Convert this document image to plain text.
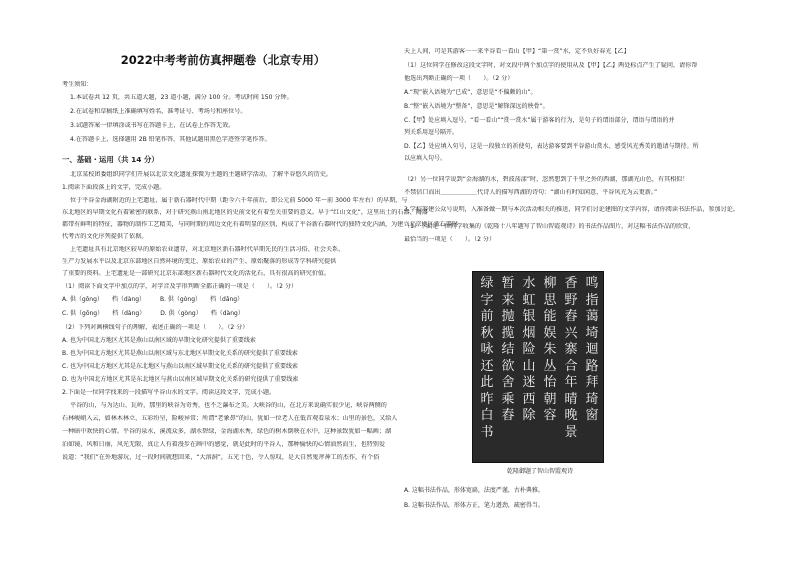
2022中考考前仿真押题卷（北京专用）
考生须知：
1.本试卷共 12 页，共五道大题，23 道小题，满分 100 分。考试时间 150 分钟。
2.在试卷和草稿纸上准确填写姓名、准考证号、考场号和座位号。
3.试题答案一律填涂或书写在答题卡上，在试卷上作答无效。
4.在答题卡上，选择题用 2B 铅笔作答，其他试题用黑色字迹签字笔作答。
一、基础・运用（共 14 分）
北京某校团委组织同学们开展以北京文化遗址探微为主题的主题研学活动，了解平谷悠久的历史。
1.阅读下面段落上的文字，完成小题。
位于平谷金海湖附近的上宅遗址，属于新石器时代中期（距今六千年前后，即公元前 5000 年～前 3000 年左右）的早期，与
东北地区的早期文化有着紧密的联系，对于研究燕山南北地区的史前文化有着至关重要的意义。早于“红山文化”，这里出土的石器、陶器
都带有鲜明的特征，器物的制作工艺精美，与同时期的周边文化有着明显的区别，构成了平谷新石器时代的独特文化内涵，为建立北京地区新石器时
代考古的文化序列提供了依据。
上宅遗址具有北京地区较早的原始农业遗存，对北京地区新石器时代早期先民的生活习俗、社会关系、
生产力发展水平以及北京东部地区自然环境的变迁、原始农业的产生、原始聚落的形成等学科研究提供
了重要的资料。上宅遗址是一部研究北京东部地区新石器时代文化的活化石，具有很高的研究价值。
（1）阅读下面文字中加点的字，对字音及字形判断全都正确的一项是（　　）。（2 分）
A. 供（gōng）　　档（dàng）　　　B. 供（gòng）　　档（dǎng）
C. 供（gōng）　　档（dàng）　　　D. 供（gòng）　　档（dàng）
（2）下列对画横线句子的理解，表述正确的一项是（　　）。（2 分）
A. 也为中国北方地区尤其是燕山以南区域的早期文化研究提供了重要线索
B. 也为中国北方地区尤其是燕山以南区域与东北地区早期文化关系的研究提供了重要线索
C. 也为中国北方地区尤其是东北地区与燕山以南区域早期文化关系的研究提供了重要线索
D. 也为中国北方地区尤其是东北地区与燕山以南区域早期文化关系的研究提供了重要线索
2.下面是一位同学找来的一段描写平谷山水的文字。阅读这段文字，完成小题。
平谷的山，与为达山、瓦岭，那里的峡谷为奇秀，也不乏瀑布之美。大峡谷的山，在北方来说确实很少见，峡谷两侧的
石林峻峭入云，如林木林立，五彩纷呈，险峻异常；所谓“老象鼻”的山，犹如一位老人在低首观看泉水；山里的景色，又给人
一种暗中欢快的心情。平谷的泉水，溪流众多，湖水碧绿，金海湖水秀，绿色的树木倒映在水中，这种景致犹如一幅画；湖
泊如镜，风和日丽，风光无限，真让人有着漫步在画中的感觉，就是此时的平谷人，那种愉快的心情油然而生，也特别爱
说道：“我们”在外地游玩，过一段时间就想回来，“大溶洞”，五光十色，令人惊叹，是大自然鬼斧神工的杰作，有个俗
天上人间，可是其游客一一来平谷看一看山【甲】“第一赏”水，定不负好春光【乙】
（1）这位同学在修改这段文字时，对文段中两个加点字的使用从及【甲】【乙】两处标点产生了疑问，请你帮
他选出判断正确的一项（　　）。（2 分）
A.“现”嵌入语境为“已成”，意思是“不偏颇的山”。
B.“整”嵌入语境为“整备”，意思是“解锋深远的秧骨”。
C.【甲】处应填入逗号，“看一看山”“赏一赏水”属于游客的行为，是句子的谓语部分，谓语与谓语的并
列关系用逗号隔开。
D.【乙】处应填入句号，这是一段独立的祈使句，表达游客要到平谷游山赏水、感受风光秀美的邀请与期待。所
以应填入句号。
（2）另一位同学说到“金海湖的水，碧波荡漾”时，忽然想到了千里之外的西湖，那湖光山色，有其相似！
不禁信口而出＿＿＿＿＿＿代诗人的描写西湖的诗句：“湖山有时知闲意，平谷风光为云更新。”
3.学校筹建公众号说明，入准备做一期与本次活动相关的推送，同学们讨论建图的文字内容，请你阅读书法作品，参加讨论。
（1）下面是一位同学收集的《乾隆十八年题写了智山智霞观诗》的书法作品图片，对这幅书法作品的欣赏，
最恰当的一项是（　　）。（2 分）
鸣
指
蔼
埼
迴
路
拜
琦
窗
香
野
舂
兴
寨
合
年
晴
晚
景
柳
思
能
娱
朱
丛
怡
朝
容
水
虹
银
烟
险
山
迷
西
除
暂
来
抛
揽
结
欲
舍
乘
舂
绿
字
前
秋
咏
还
此
昨
白
书
乾隆御题了智山智霞观诗
A. 这幅书法作品，形体宽扁，法度严谨，古朴典雅。
B. 这幅书法作品，形体方正，笔力遒劲，疏密得当。
